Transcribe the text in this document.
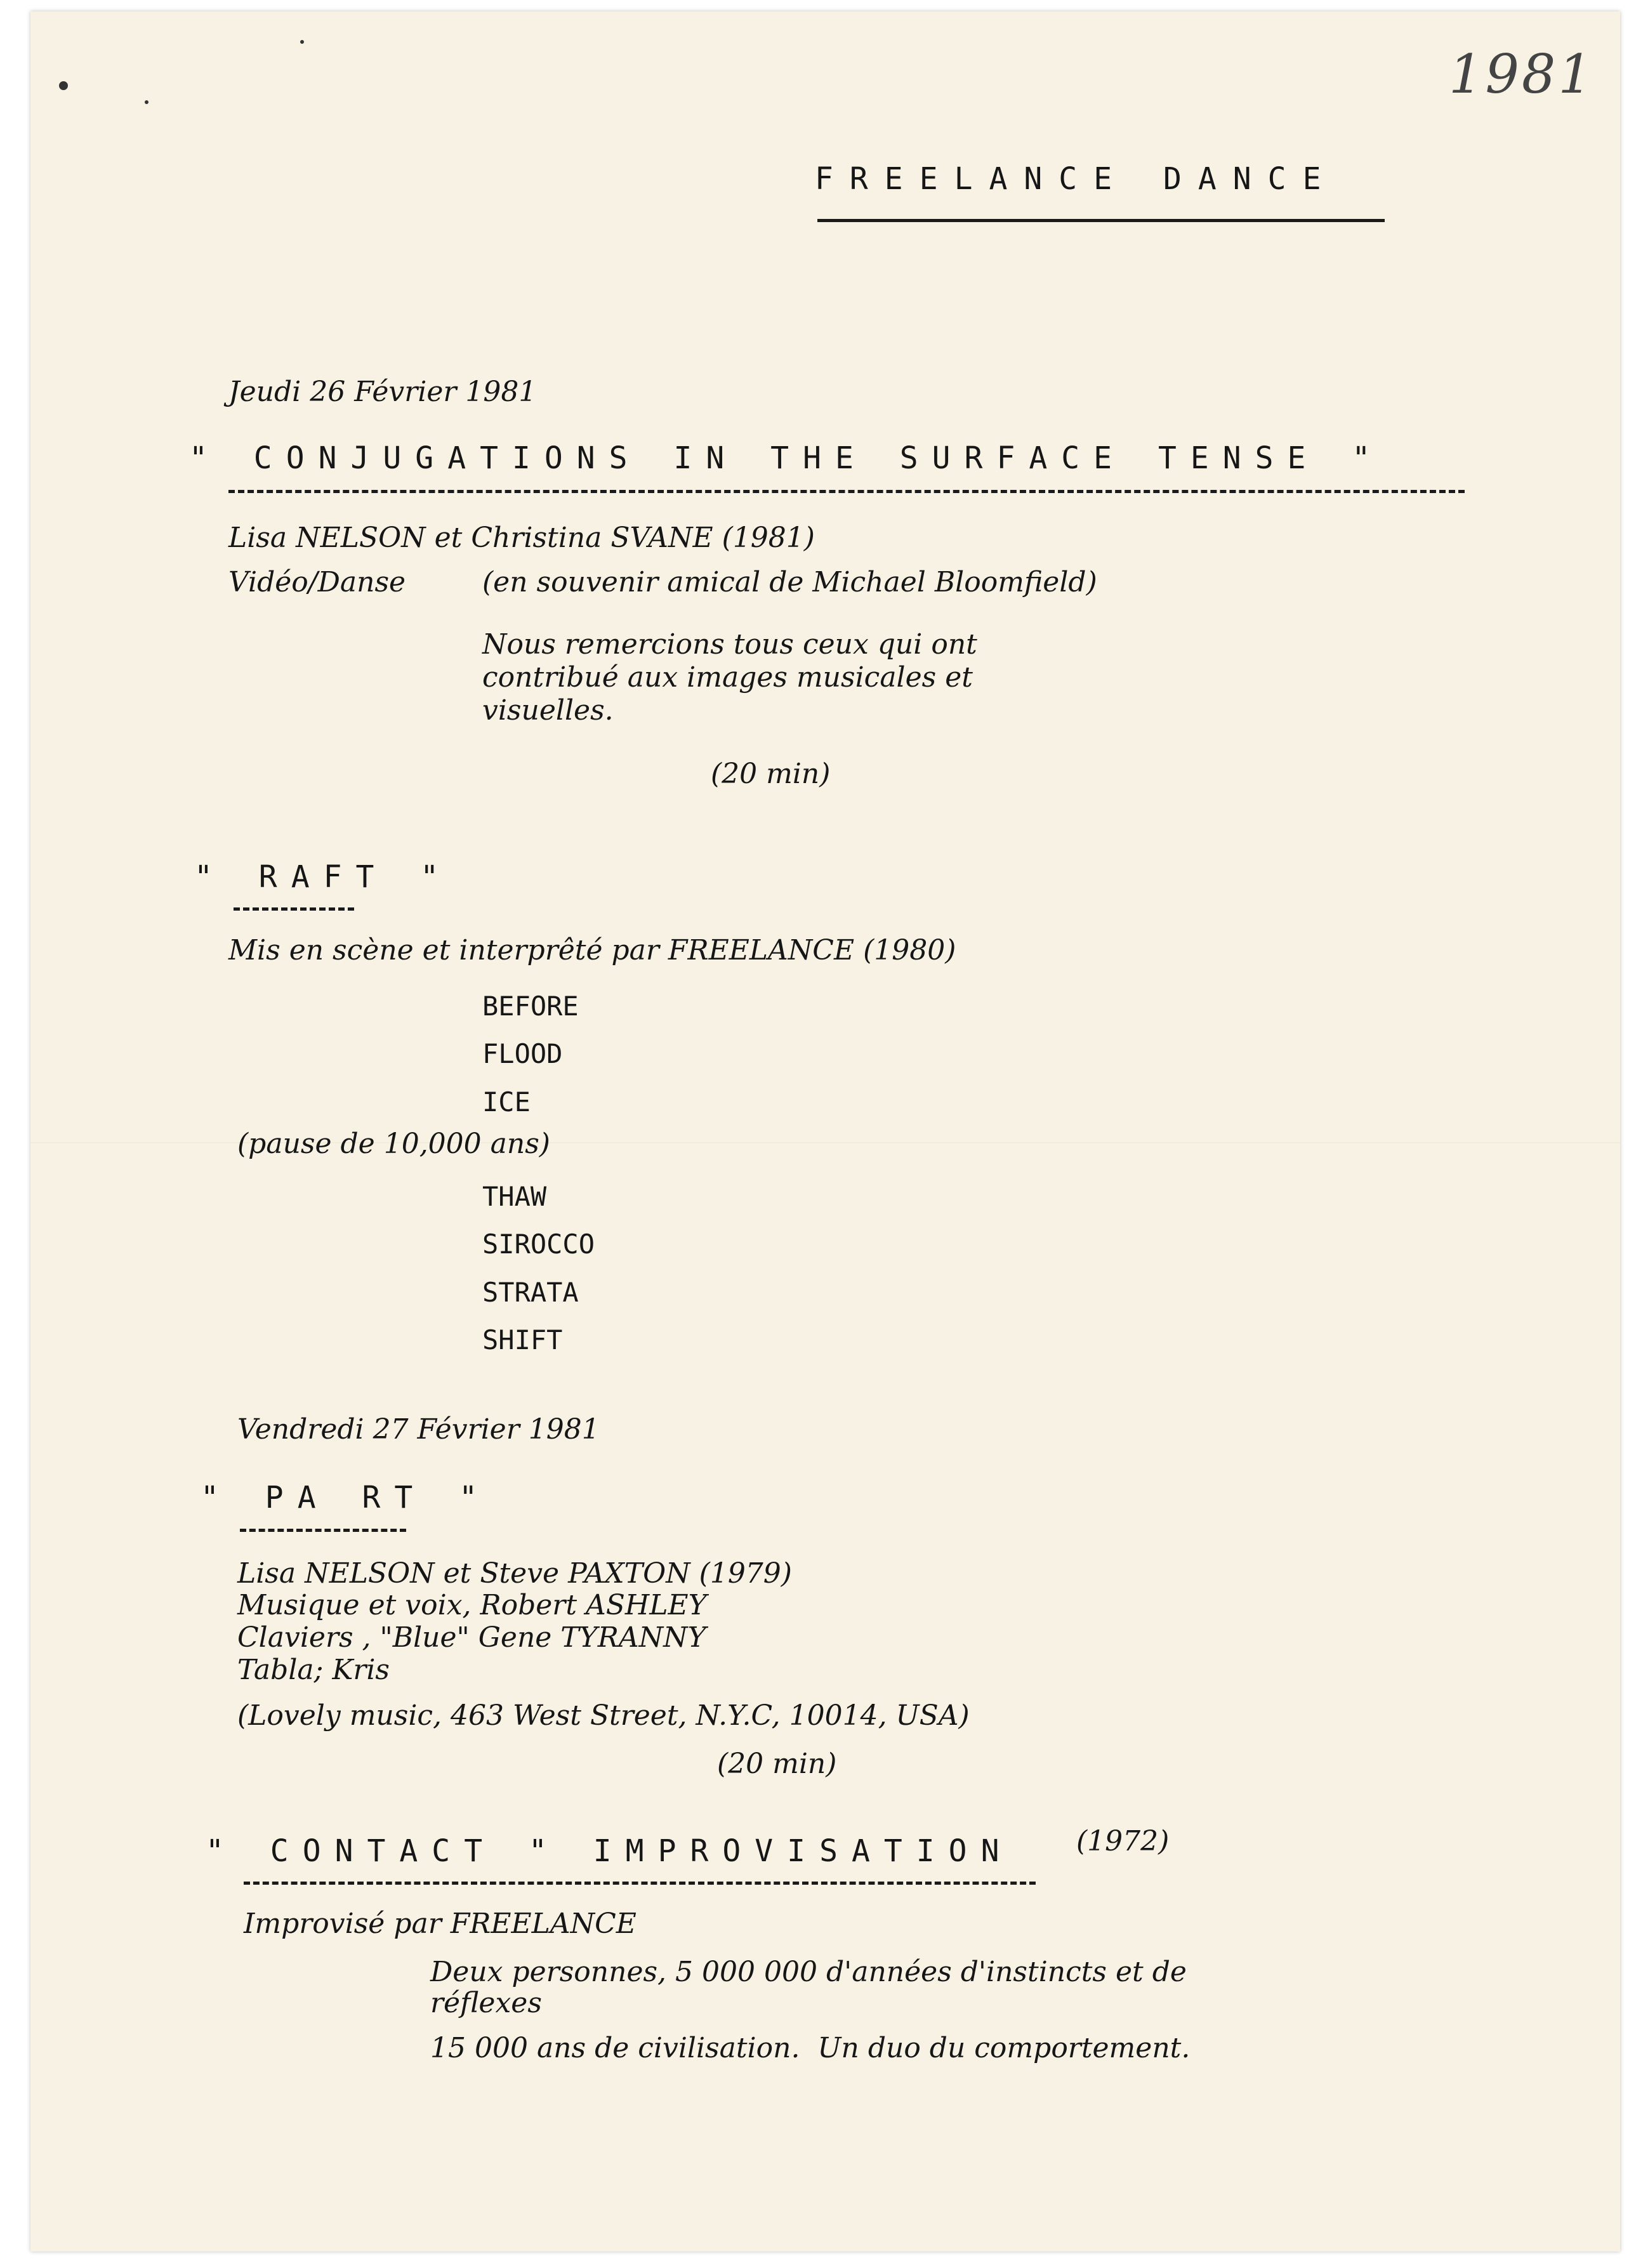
1981
FREELANCE DANCE
Jeudi 26 Février 1981
" CONJUGATIONS IN THE SURFACE TENSE "
Lisa NELSON et Christina SVANE (1981)
Vidéo/Danse	(en souvenir amical de Michael Bloomfield)
Nous remercions tous ceux qui ont
contribué aux images musicales et
visuelles.
(20 min)
" RAFT "
Mis en scène et interprêté par FREELANCE (1980)
BEFORE
FLOOD
ICE
(pause de 10,000 ans)
THAW
SIROCCO
STRATA
SHIFT
Vendredi 27 Février 1981
" PA RT "
Lisa NELSON et Steve PAXTON (1979)
Musique et voix, Robert ASHLEY
Claviers , "Blue" Gene TYRANNY
Tabla; Kris
(Lovely music, 463 West Street, N.Y.C, 10014, USA)
(20 min)
" CONTACT " IMPROVISATION (1972)
Improvisé par FREELANCE
Deux personnes, 5 000 000 d'années d'instincts et de
réflexes
15 000 ans de civilisation.  Un duo du comportement.
